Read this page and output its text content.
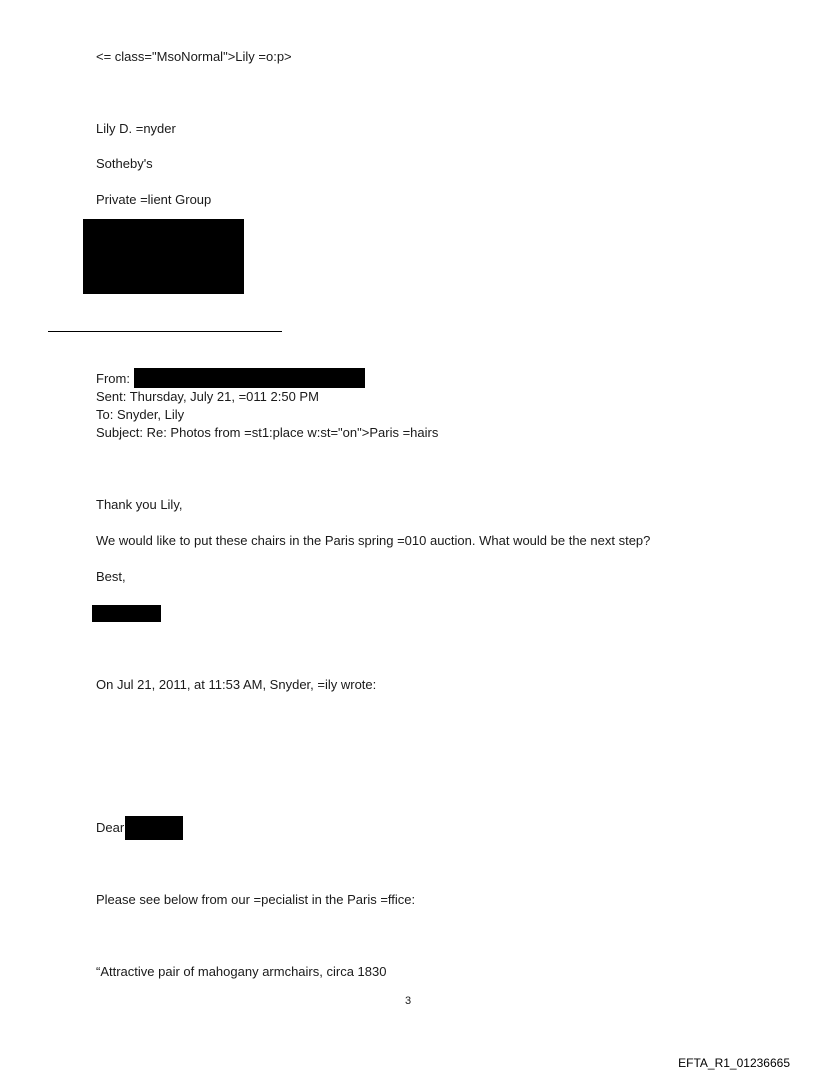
<= class="MsoNormal">Lily =o:p>
Lily D. =nyder
Sotheby's
Private =lient Group
From:
Sent: Thursday, July 21, =011 2:50 PM
To: Snyder, Lily
Subject: Re: Photos from =st1:place w:st="on">Paris =hairs
Thank you Lily,
We would like to put these chairs in the Paris spring =010 auction. What would be the next step?
Best,
On Jul 21, 2011, at 11:53 AM, Snyder, =ily wrote:
Dear
Please see below from our =pecialist in the Paris =ffice:
“Attractive pair of mahogany armchairs, circa 1830
3
EFTA_R1_01236665
